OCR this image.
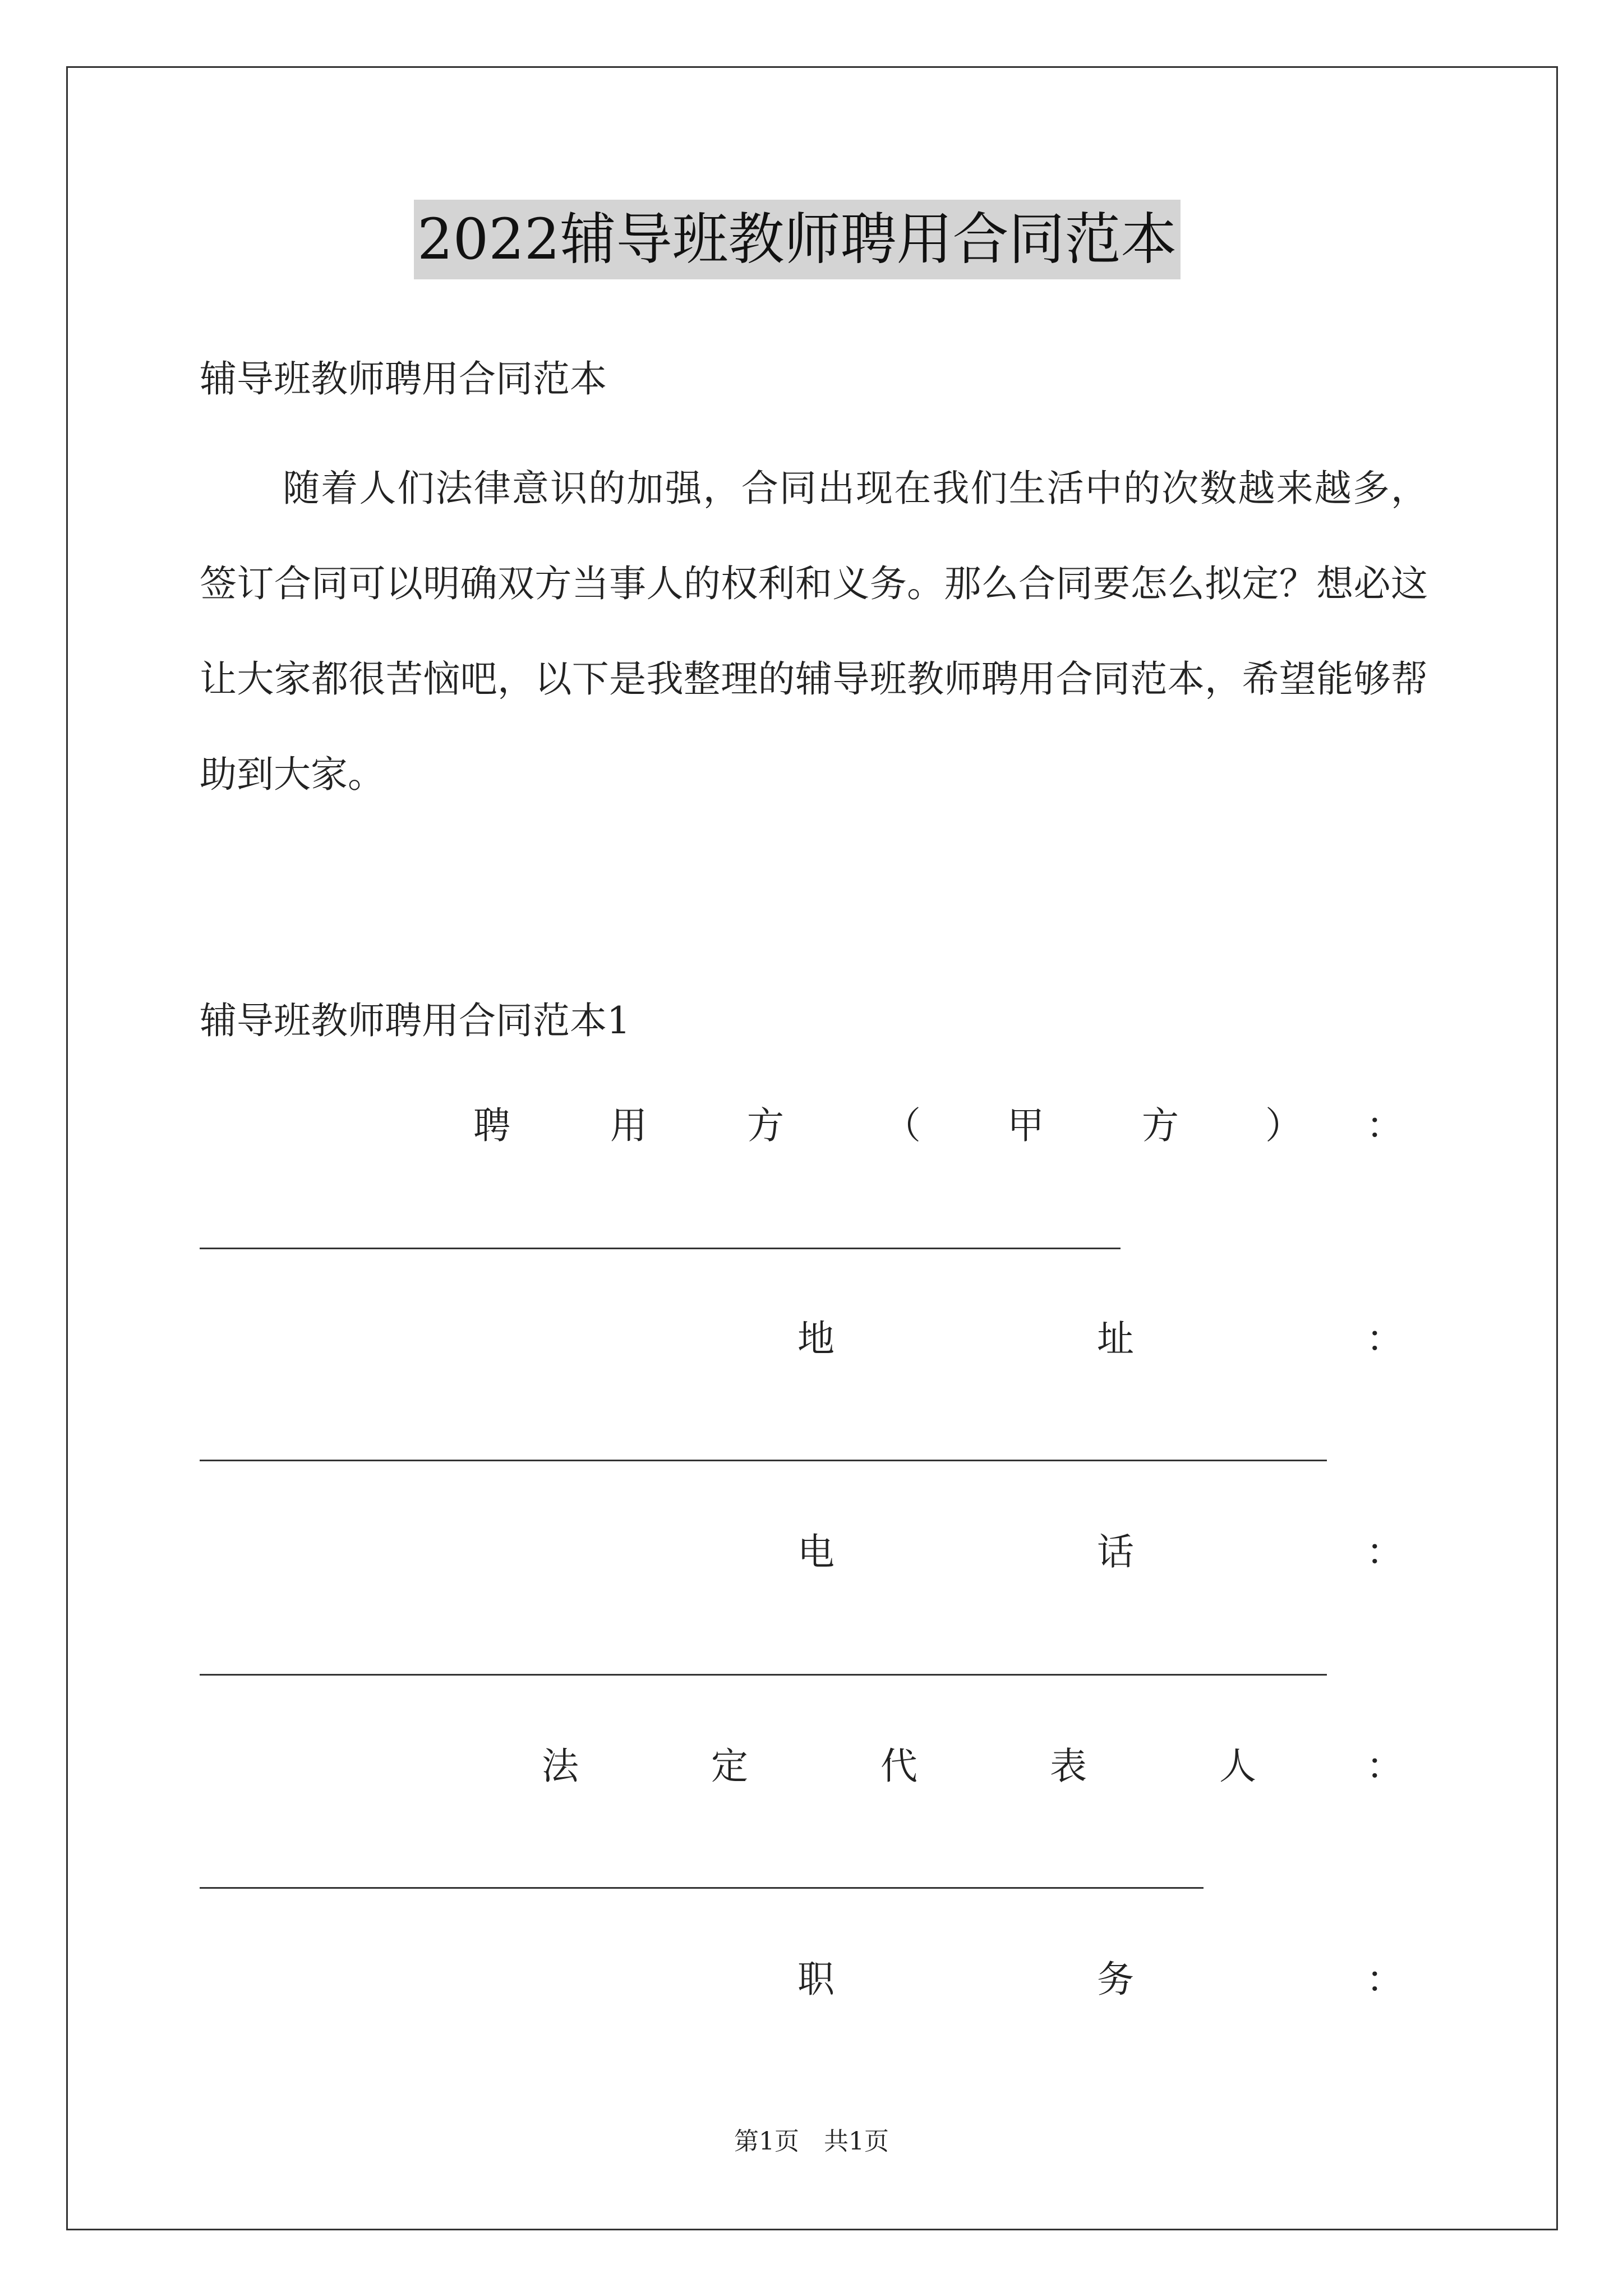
2022辅导班教师聘用合同范本
辅导班教师聘用合同范本
随着人们法律意识的加强，合同出现在我们生活中的次数越来越多，签订合同可以明确双方当事人的权利和义务。那么合同要怎么拟定？想必这让大家都很苦恼吧，以下是我整理的辅导班教师聘用合同范本，希望能够帮助到大家。
辅导班教师聘用合同范本1
聘	用	方	（ 甲	方 ） ：
地	址	：
电	话	：
法	定	代	表	人	：
职	务	：
第1页　共1页
